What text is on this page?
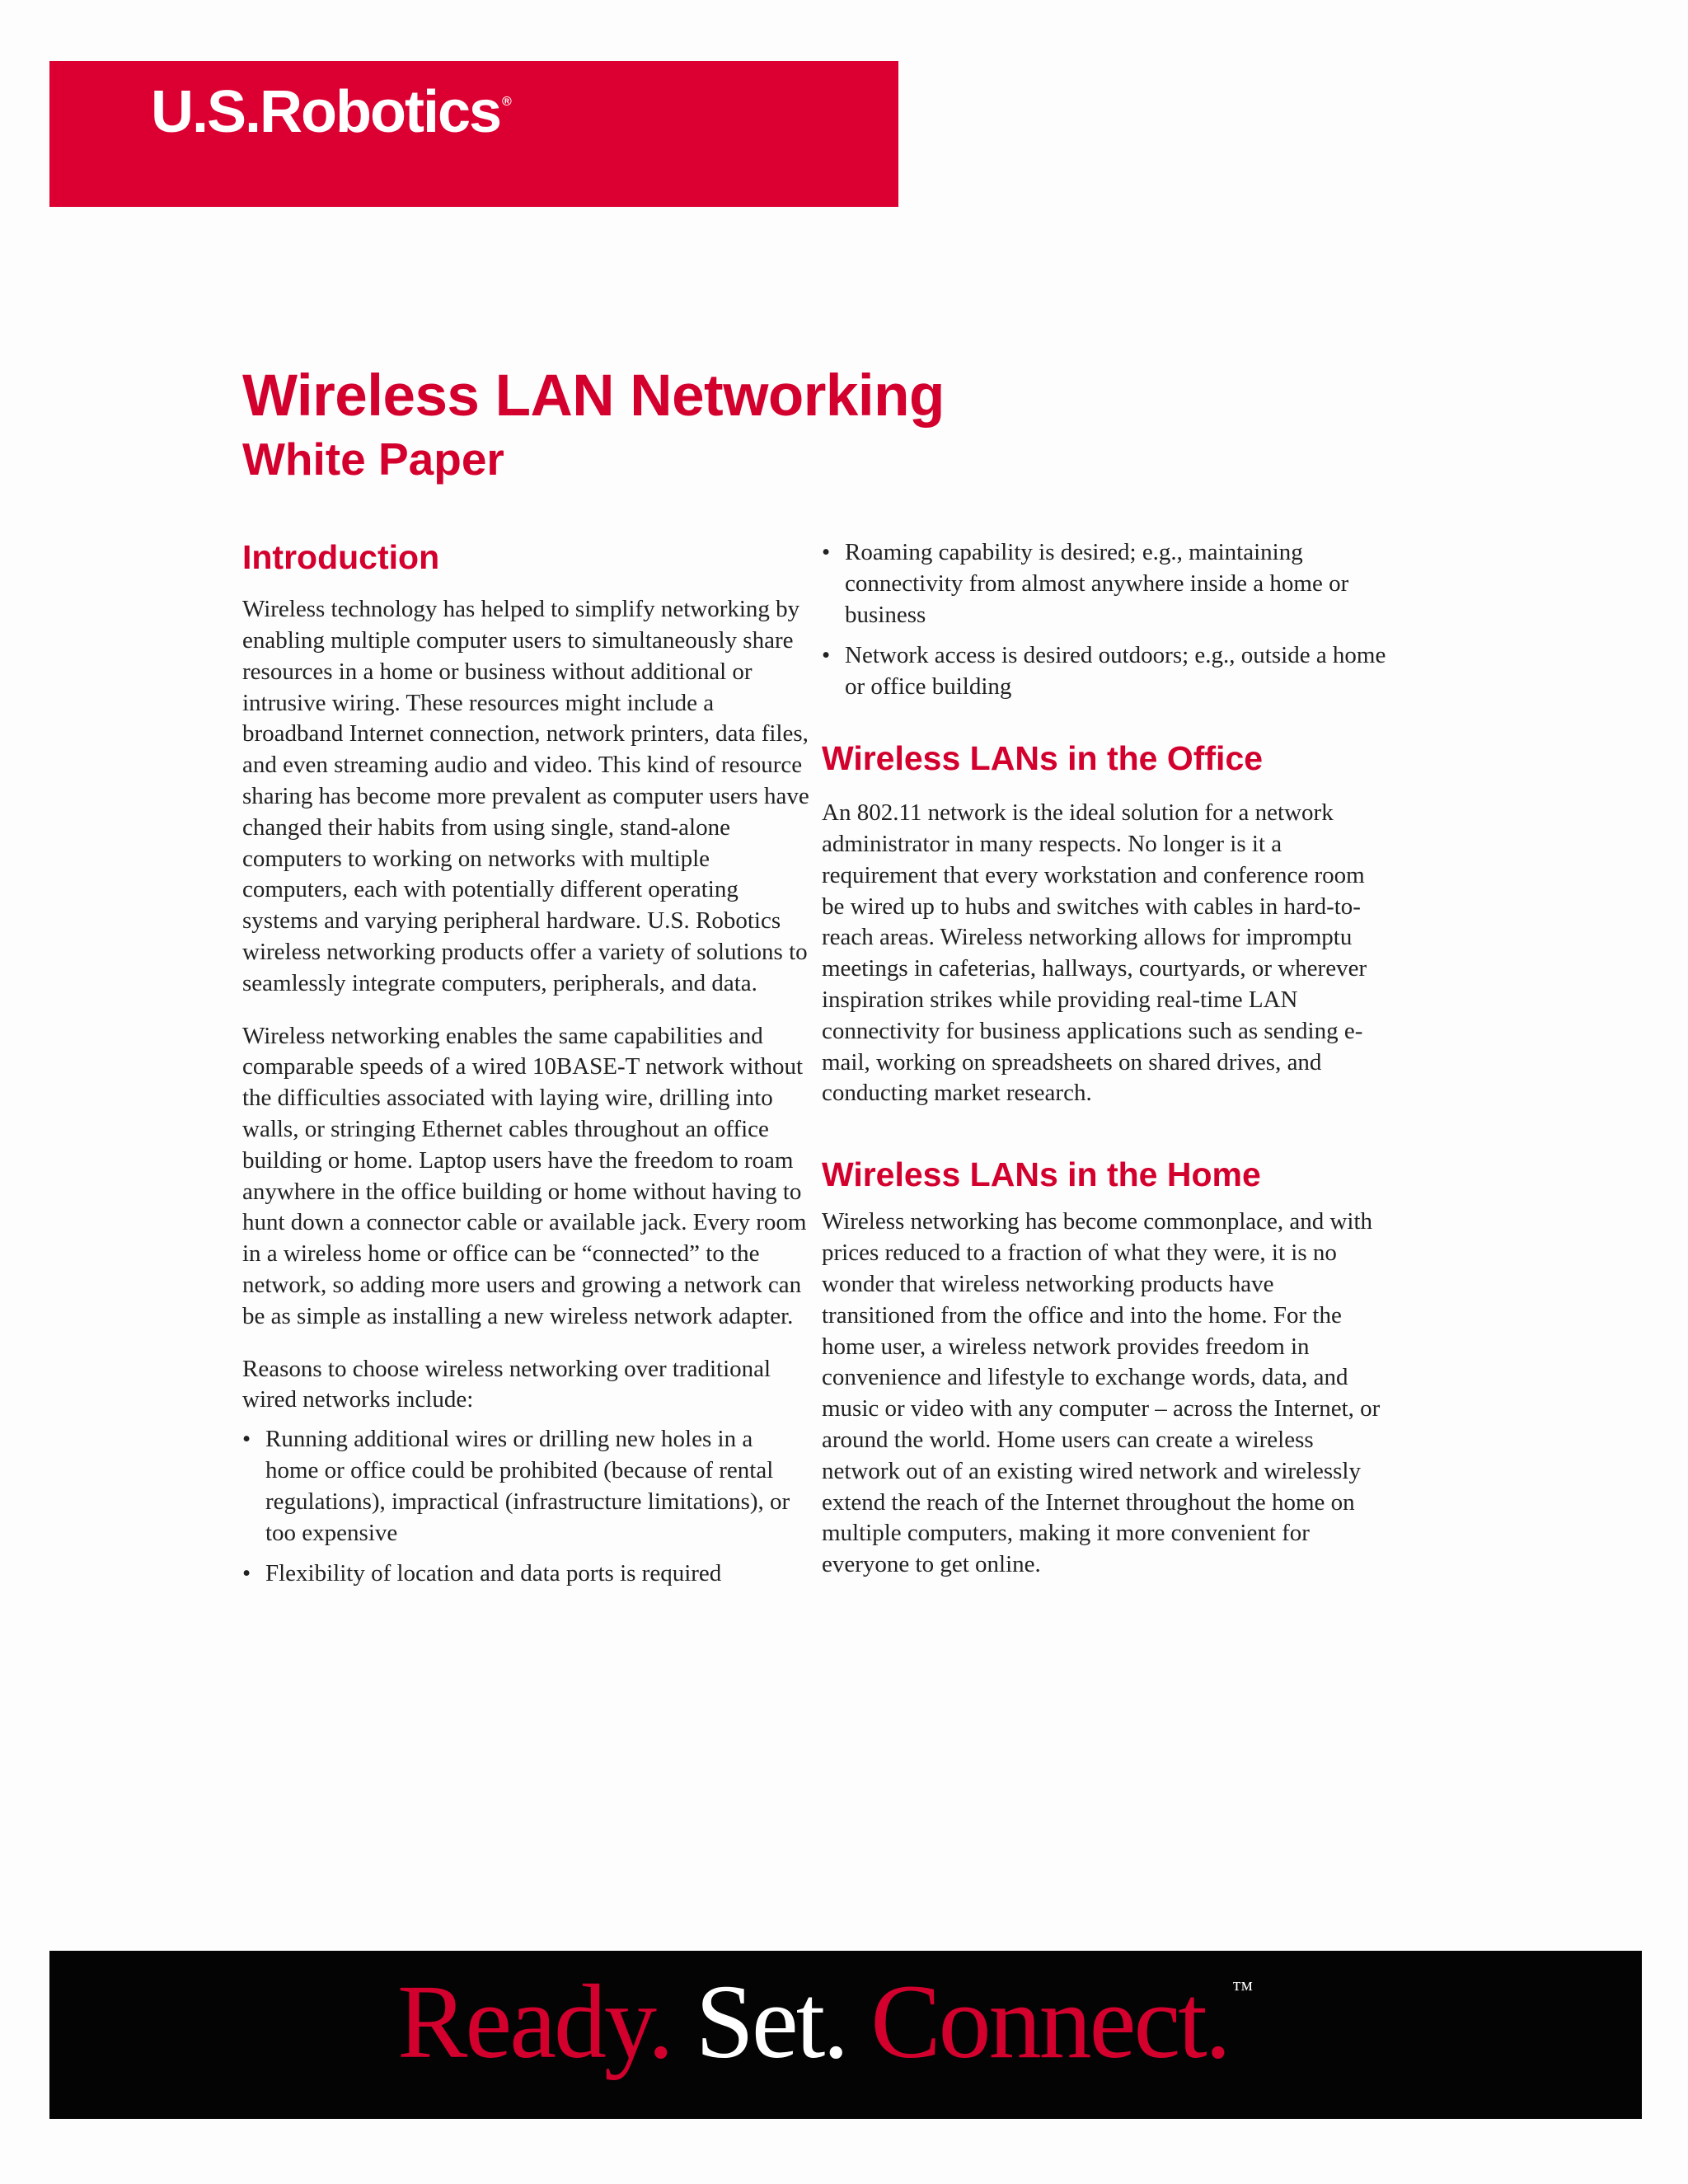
U.S.Robotics ®
Wireless LAN Networking
White Paper
Introduction

Wireless technology has helped to simplify networking by enabling multiple computer users to simultaneously share resources in a home or business without additional or intrusive wiring. These resources might include a broadband Internet connection, network printers, data files, and even streaming audio and video. This kind of resource sharing has become more prevalent as computer users have changed their habits from using single, stand-alone computers to working on networks with multiple computers, each with potentially different operating systems and varying peripheral hardware. U.S. Robotics wireless networking products offer a variety of solutions to seamlessly integrate computers, peripherals, and data.

Wireless networking enables the same capabilities and comparable speeds of a wired 10BASE-T network without the difficulties associated with laying wire, drilling into walls, or stringing Ethernet cables throughout an office building or home. Laptop users have the freedom to roam anywhere in the office building or home without having to hunt down a connector cable or available jack. Every room in a wireless home or office can be “connected” to the network, so adding more users and growing a network can be as simple as installing a new wireless network adapter.

Reasons to choose wireless networking over traditional wired networks include:

• Running additional wires or drilling new holes in a home or office could be prohibited (because of rental regulations), impractical (infrastructure limitations), or too expensive
• Flexibility of location and data ports is required
• Roaming capability is desired; e.g., maintaining connectivity from almost anywhere inside a home or business
• Network access is desired outdoors; e.g., outside a home or office building
Wireless LANs in the Office

An 802.11 network is the ideal solution for a network administrator in many respects. No longer is it a requirement that every workstation and conference room be wired up to hubs and switches with cables in hard-to-reach areas. Wireless networking allows for impromptu meetings in cafeterias, hallways, courtyards, or wherever inspiration strikes while providing real-time LAN connectivity for business applications such as sending e-mail, working on spreadsheets on shared drives, and conducting market research.

Wireless LANs in the Home

Wireless networking has become commonplace, and with prices reduced to a fraction of what they were, it is no wonder that wireless networking products have transitioned from the office and into the home. For the home user, a wireless network provides freedom in convenience and lifestyle to exchange words, data, and music or video with any computer – across the Internet, or around the world. Home users can create a wireless network out of an existing wired network and wirelessly extend the reach of the Internet throughout the home on multiple computers, making it more convenient for everyone to get online.

Ready. Set. Connect. ™
